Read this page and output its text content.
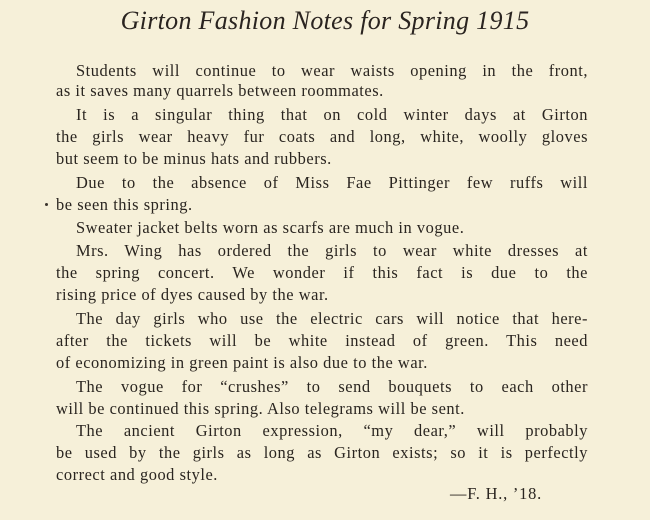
Girton Fashion Notes for Spring 1915
Students will continue to wear waists opening in the front,
as it saves many quarrels between roommates.
It is a singular thing that on cold winter days at Girton
the girls wear heavy fur coats and long, white, woolly gloves
but seem to be minus hats and rubbers.
Due to the absence of Miss Fae Pittinger few ruffs will
be seen this spring.
Sweater jacket belts worn as scarfs are much in vogue.
Mrs. Wing has ordered the girls to wear white dresses at
the spring concert. We wonder if this fact is due to the
rising price of dyes caused by the war.
The day girls who use the electric cars will notice that here-
after the tickets will be white instead of green. This need
of economizing in green paint is also due to the war.
The vogue for “crushes” to send bouquets to each other
will be continued this spring. Also telegrams will be sent.
The ancient Girton expression, “my dear,” will probably
be used by the girls as long as Girton exists; so it is perfectly
correct and good style.
—F. H., ’18.
